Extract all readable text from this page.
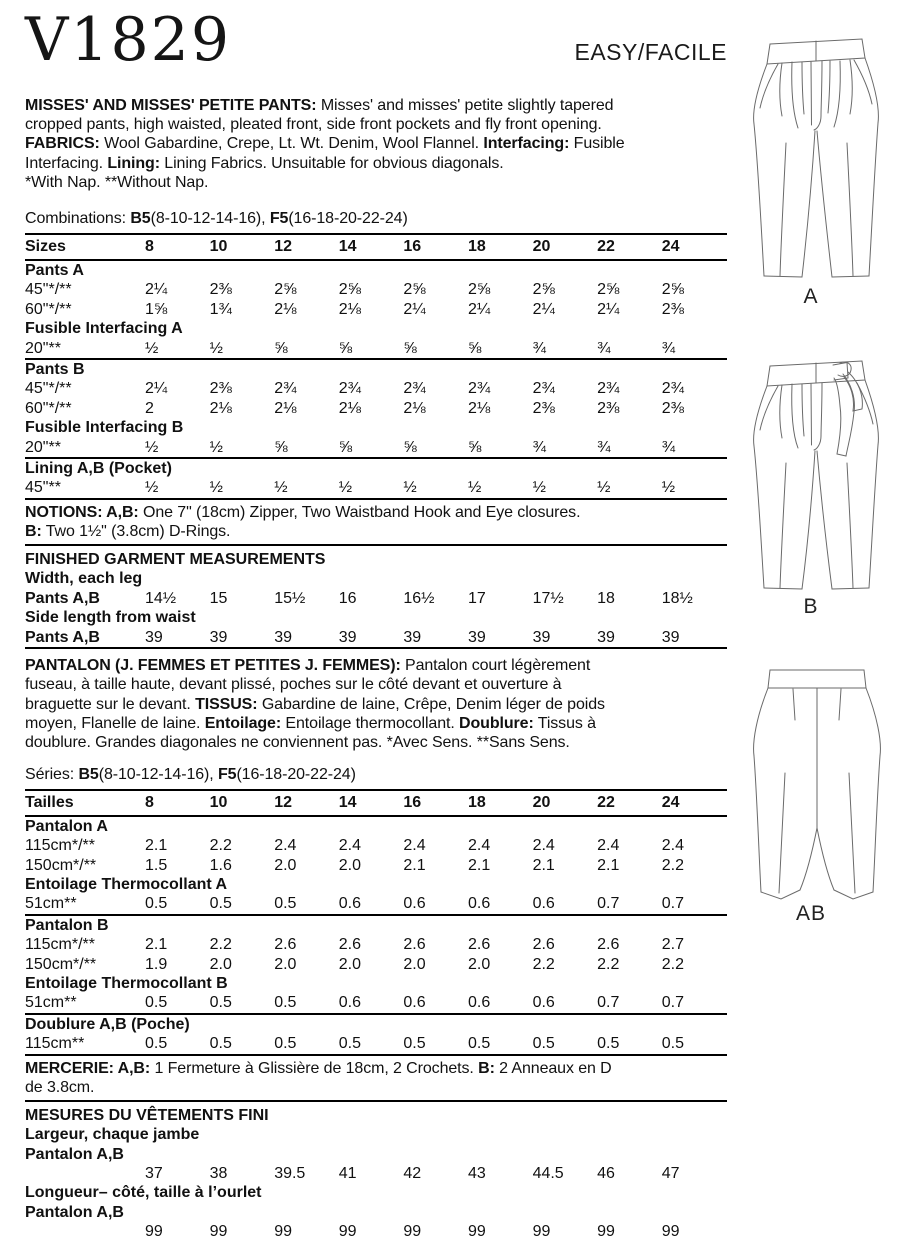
V1829	EASY/FACILE
MISSES' AND MISSES' PETITE PANTS: Misses' and misses' petite slightly tapered
cropped pants, high waisted, pleated front, side front pockets and fly front opening.
FABRICS: Wool Gabardine, Crepe, Lt. Wt. Denim, Wool Flannel. Interfacing: Fusible
Interfacing. Lining: Lining Fabrics. Unsuitable for obvious diagonals.
*With Nap. **Without Nap.
Combinations: B5(8-10-12-14-16), F5(16-18-20-22-24)
Sizes	8	10	12	14	16	18	20	22	24
Pants A
45"*/**	2¼	2⅜	2⅝	2⅝	2⅝	2⅝	2⅝	2⅝	2⅝
60"*/**	1⅝	1¾	2⅛	2⅛	2¼	2¼	2¼	2¼	2⅜
Fusible Interfacing A
20"**	½	½	⅝	⅝	⅝	⅝	¾	¾	¾
Pants B
45"*/**	2¼	2⅜	2¾	2¾	2¾	2¾	2¾	2¾	2¾
60"*/**	2	2⅛	2⅛	2⅛	2⅛	2⅛	2⅜	2⅜	2⅜
Fusible Interfacing B
20"**	½	½	⅝	⅝	⅝	⅝	¾	¾	¾
Lining A,B (Pocket)
45"**	½	½	½	½	½	½	½	½	½
NOTIONS: A,B: One 7" (18cm) Zipper, Two Waistband Hook and Eye closures.
B: Two 1½" (3.8cm) D-Rings.
FINISHED GARMENT MEASUREMENTS
Width, each leg
Pants A,B	14½	15	15½	16	16½	17	17½	18	18½
Side length from waist
Pants A,B	39	39	39	39	39	39	39	39	39
PANTALON (J. FEMMES ET PETITES J. FEMMES): Pantalon court légèrement
fuseau, à taille haute, devant plissé, poches sur le côté devant et ouverture à
braguette sur le devant. TISSUS: Gabardine de laine, Crêpe, Denim léger de poids
moyen, Flanelle de laine. Entoilage: Entoilage thermocollant. Doublure: Tissus à
doublure. Grandes diagonales ne conviennent pas. *Avec Sens. **Sans Sens.
Séries: B5(8-10-12-14-16), F5(16-18-20-22-24)
Tailles	8	10	12	14	16	18	20	22	24
Pantalon A
115cm*/**	2.1	2.2	2.4	2.4	2.4	2.4	2.4	2.4	2.4
150cm*/**	1.5	1.6	2.0	2.0	2.1	2.1	2.1	2.1	2.2
Entoilage Thermocollant A
51cm**	0.5	0.5	0.5	0.6	0.6	0.6	0.6	0.7	0.7
Pantalon B
115cm*/**	2.1	2.2	2.6	2.6	2.6	2.6	2.6	2.6	2.7
150cm*/**	1.9	2.0	2.0	2.0	2.0	2.0	2.2	2.2	2.2
Entoilage Thermocollant B
51cm**	0.5	0.5	0.5	0.6	0.6	0.6	0.6	0.7	0.7
Doublure A,B (Poche)
115cm**	0.5	0.5	0.5	0.5	0.5	0.5	0.5	0.5	0.5
MERCERIE: A,B: 1 Fermeture à Glissière de 18cm, 2 Crochets. B: 2 Anneaux en D
de 3.8cm.
MESURES DU VÊTEMENTS FINI
Largeur, chaque jambe
Pantalon A,B
37	38	39.5	41	42	43	44.5	46	47
Longueur– côté, taille à l’ourlet
Pantalon A,B
99	99	99	99	99	99	99	99	99
A
B
AB
